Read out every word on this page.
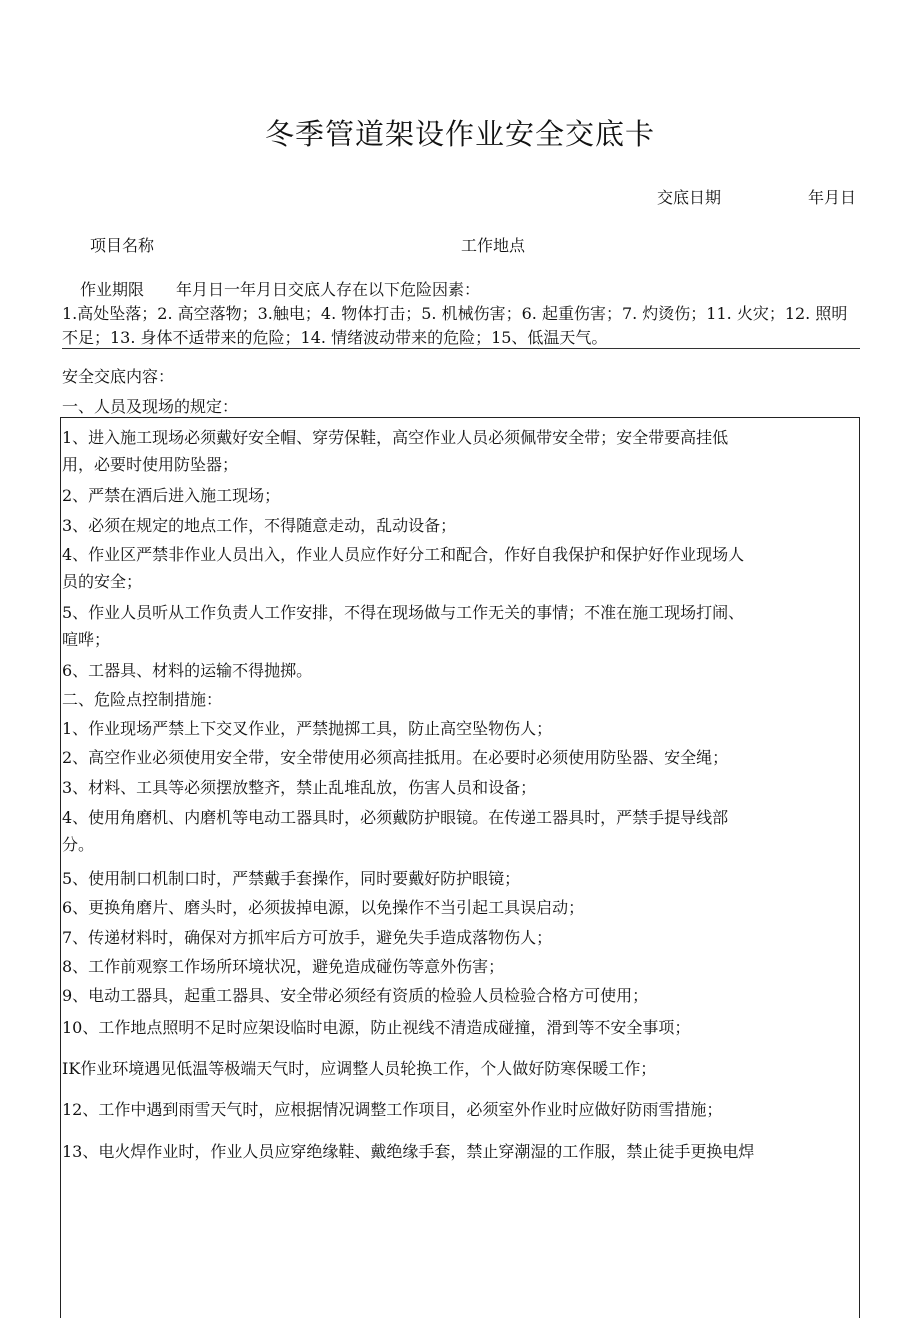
冬季管道架设作业安全交底卡
交底日期	年月日
项目名称	工作地点
作业期限　　年月日一年月日交底人存在以下危险因素：
1.高处坠落；2. 高空落物；3.触电；4. 物体打击；5. 机械伤害；6. 起重伤害；7. 灼烫伤；11. 火灾；12. 照明不足；13. 身体不适带来的危险；14. 情绪波动带来的危险；15、低温天气。
安全交底内容：
一、人员及现场的规定：
1、进入施工现场必须戴好安全帽、穿劳保鞋，高空作业人员必须佩带安全带；安全带要高挂低
用，必要时使用防坠器；
2、严禁在酒后进入施工现场；
3、必须在规定的地点工作，不得随意走动，乱动设备；
4、作业区严禁非作业人员出入，作业人员应作好分工和配合，作好自我保护和保护好作业现场人
员的安全；
5、作业人员听从工作负责人工作安排，不得在现场做与工作无关的事情；不准在施工现场打闹、
喧哗；
6、工器具、材料的运输不得抛掷。
二、危险点控制措施：
1、作业现场严禁上下交叉作业，严禁抛掷工具，防止高空坠物伤人；
2、高空作业必须使用安全带，安全带使用必须高挂抵用。在必要时必须使用防坠器、安全绳；
3、材料、工具等必须摆放整齐，禁止乱堆乱放，伤害人员和设备；
4、使用角磨机、内磨机等电动工器具时，必须戴防护眼镜。在传递工器具时，严禁手提导线部
分。
5、使用制口机制口时，严禁戴手套操作，同时要戴好防护眼镜；
6、更换角磨片、磨头时，必须拔掉电源，以免操作不当引起工具误启动；
7、传递材料时，确保对方抓牢后方可放手，避免失手造成落物伤人；
8、工作前观察工作场所环境状况，避免造成碰伤等意外伤害；
9、电动工器具，起重工器具、安全带必须经有资质的检验人员检验合格方可使用；
10、工作地点照明不足时应架设临时电源，防止视线不清造成碰撞，滑到等不安全事项；
IK作业环境遇见低温等极端天气时，应调整人员轮换工作，个人做好防寒保暖工作；
12、工作中遇到雨雪天气时，应根据情况调整工作项目，必须室外作业时应做好防雨雪措施；
13、电火焊作业时，作业人员应穿绝缘鞋、戴绝缘手套，禁止穿潮湿的工作服，禁止徒手更换电焊
